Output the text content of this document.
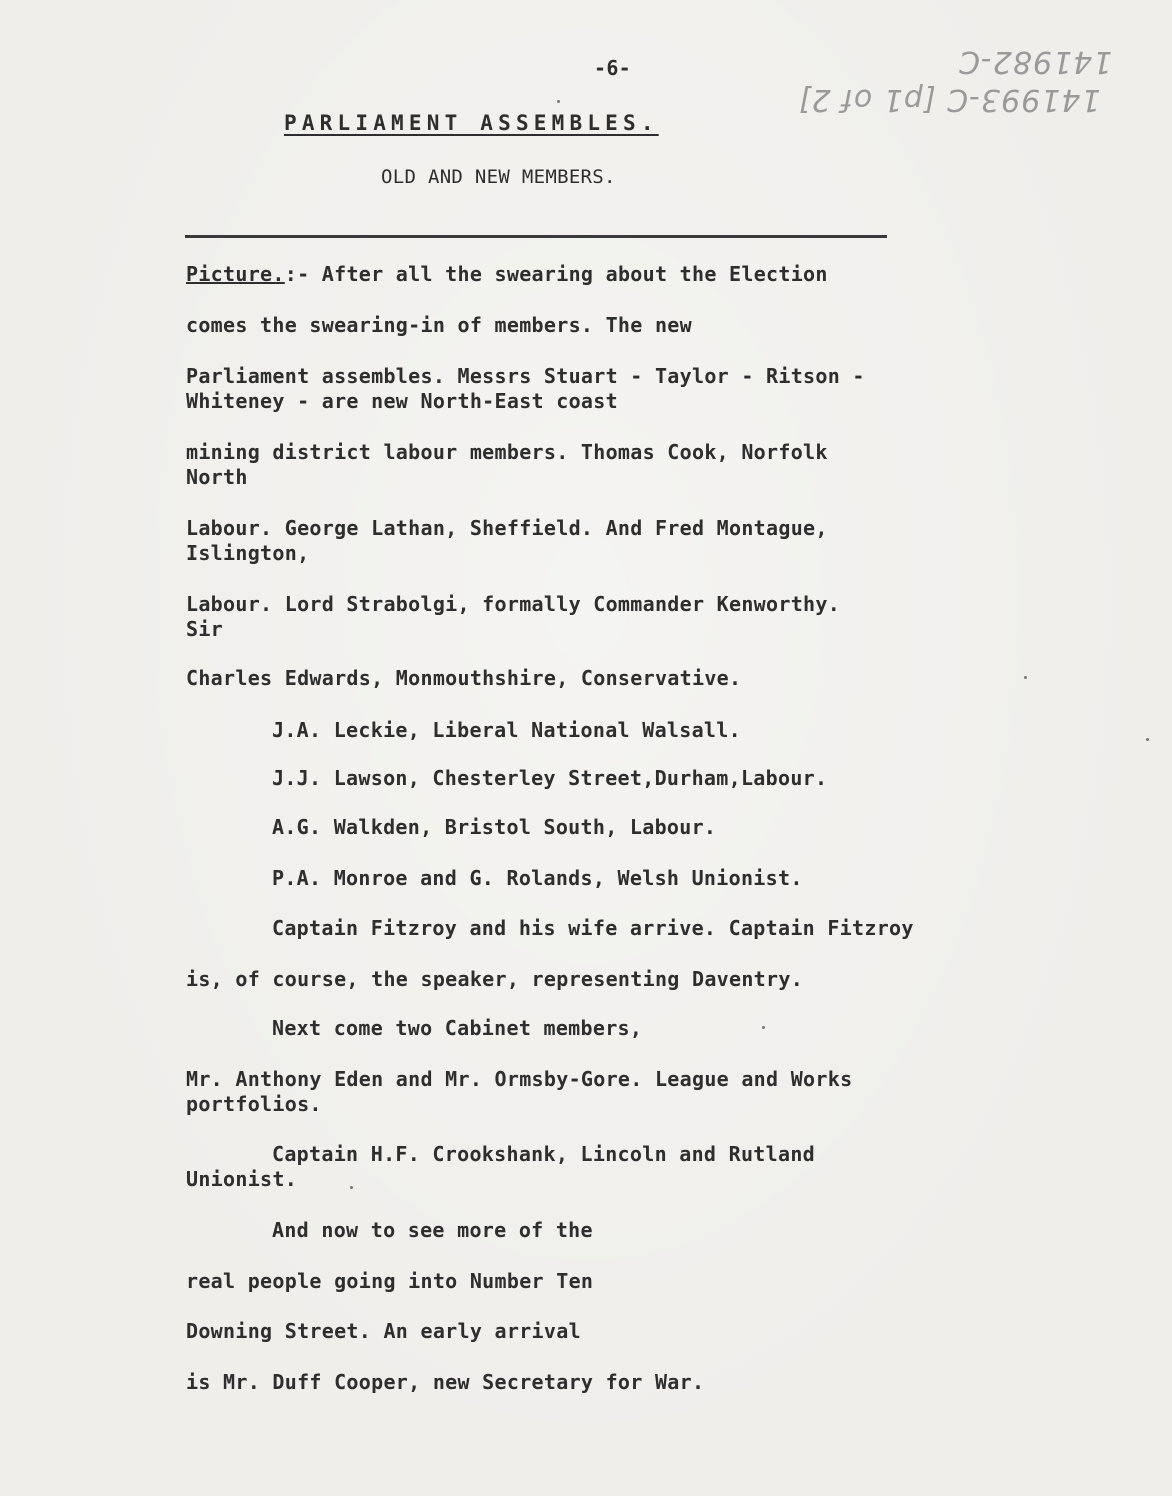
141982-C
141993-C [p1 of 2]
-6-
PARLIAMENT ASSEMBLES.
OLD AND NEW MEMBERS.
Picture.:- After all the swearing about the Election
comes the swearing-in of members. The new
Parliament assembles. Messrs Stuart - Taylor - Ritson -
Whiteney - are new North-East coast
mining district labour members. Thomas Cook, Norfolk
North
Labour. George Lathan, Sheffield. And Fred Montague,
Islington,
Labour. Lord Strabolgi, formally Commander Kenworthy.
Sir
Charles Edwards, Monmouthshire, Conservative.
J.A. Leckie, Liberal National Walsall.
J.J. Lawson, Chesterley Street,Durham,Labour.
A.G. Walkden, Bristol South, Labour.
P.A. Monroe and G. Rolands, Welsh Unionist.
Captain Fitzroy and his wife arrive. Captain Fitzroy
is, of course, the speaker, representing Daventry.
Next come two Cabinet members,
Mr. Anthony Eden and Mr. Ormsby-Gore. League and Works
portfolios.
Captain H.F. Crookshank, Lincoln and Rutland
Unionist.
And now to see more of the
real people going into Number Ten
Downing Street. An early arrival
is Mr. Duff Cooper, new Secretary for War.
